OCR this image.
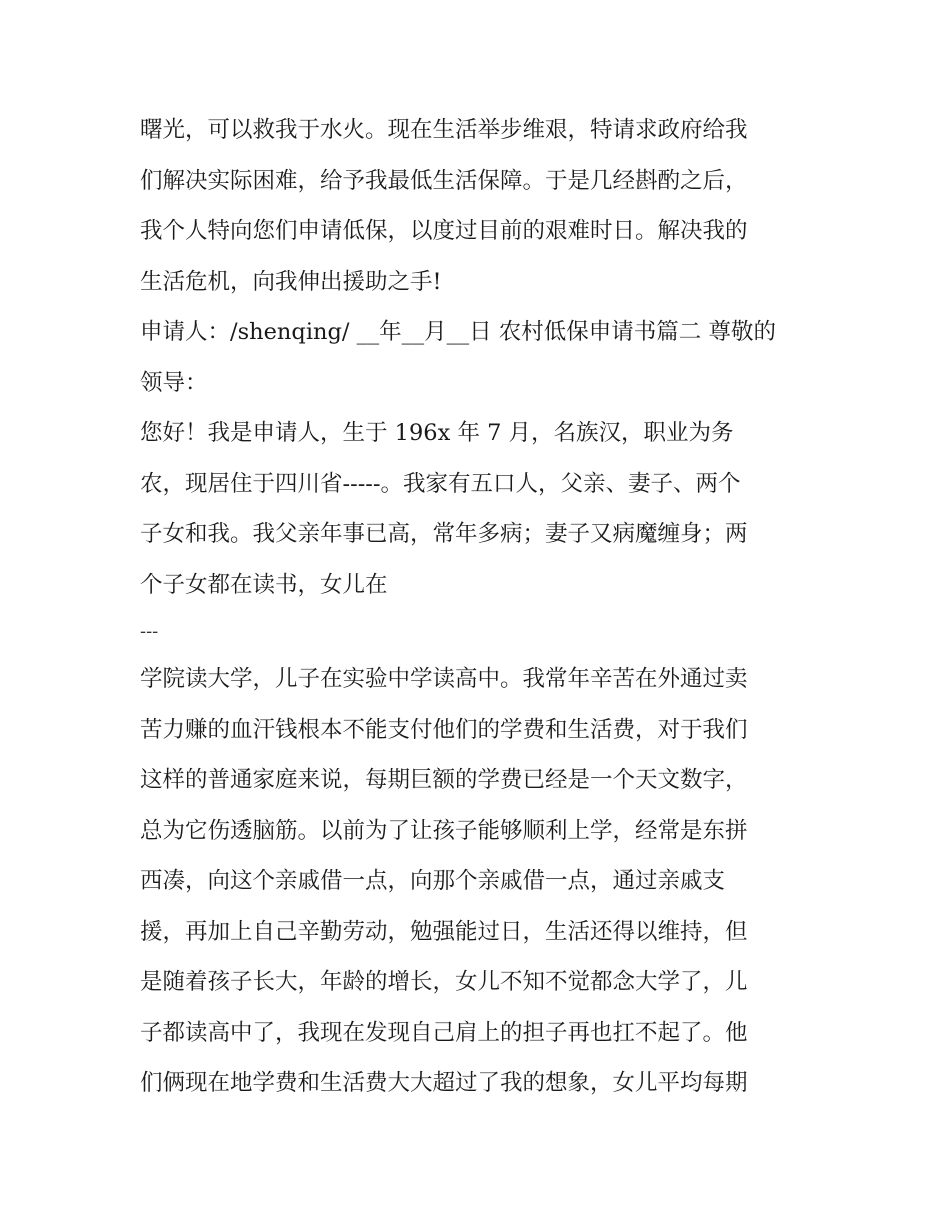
曙光，可以救我于水火。现在生活举步维艰，特请求政府给我
们解决实际困难，给予我最低生活保障。于是几经斟酌之后，
我个人特向您们申请低保，以度过目前的艰难时日。解决我的
生活危机，向我伸出援助之手!
申请人：/shenqing/ __年__月__日 农村低保申请书篇二 尊敬的
领导：
您好！我是申请人，生于 196x 年 7 月，名族汉，职业为务
农，现居住于四川省-----。我家有五口人，父亲、妻子、两个
子女和我。我父亲年事已高，常年多病；妻子又病魔缠身；两
个子女都在读书，女儿在
---
学院读大学，儿子在实验中学读高中。我常年辛苦在外通过卖
苦力赚的血汗钱根本不能支付他们的学费和生活费，对于我们
这样的普通家庭来说，每期巨额的学费已经是一个天文数字，
总为它伤透脑筋。以前为了让孩子能够顺利上学，经常是东拼
西凑，向这个亲戚借一点，向那个亲戚借一点，通过亲戚支
援，再加上自己辛勤劳动，勉强能过日，生活还得以维持，但
是随着孩子长大，年龄的增长，女儿不知不觉都念大学了，儿
子都读高中了，我现在发现自己肩上的担子再也扛不起了。他
们俩现在地学费和生活费大大超过了我的想象，女儿平均每期
